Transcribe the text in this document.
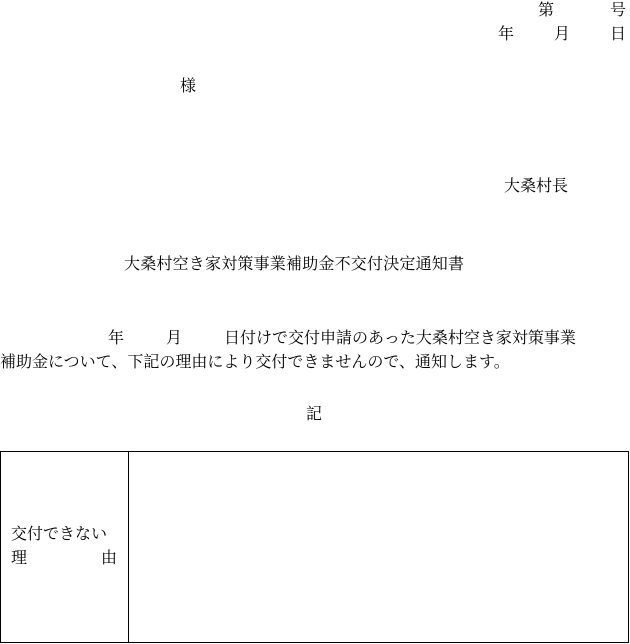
第	号
年	月	日
様
大桑村長
大桑村空き家対策事業補助金不交付決定通知書
年	月	日付けで交付申請のあった大桑村空き家対策事業
補助金について、下記の理由により交付できませんので、通知します。
記
交付できない
理	由
